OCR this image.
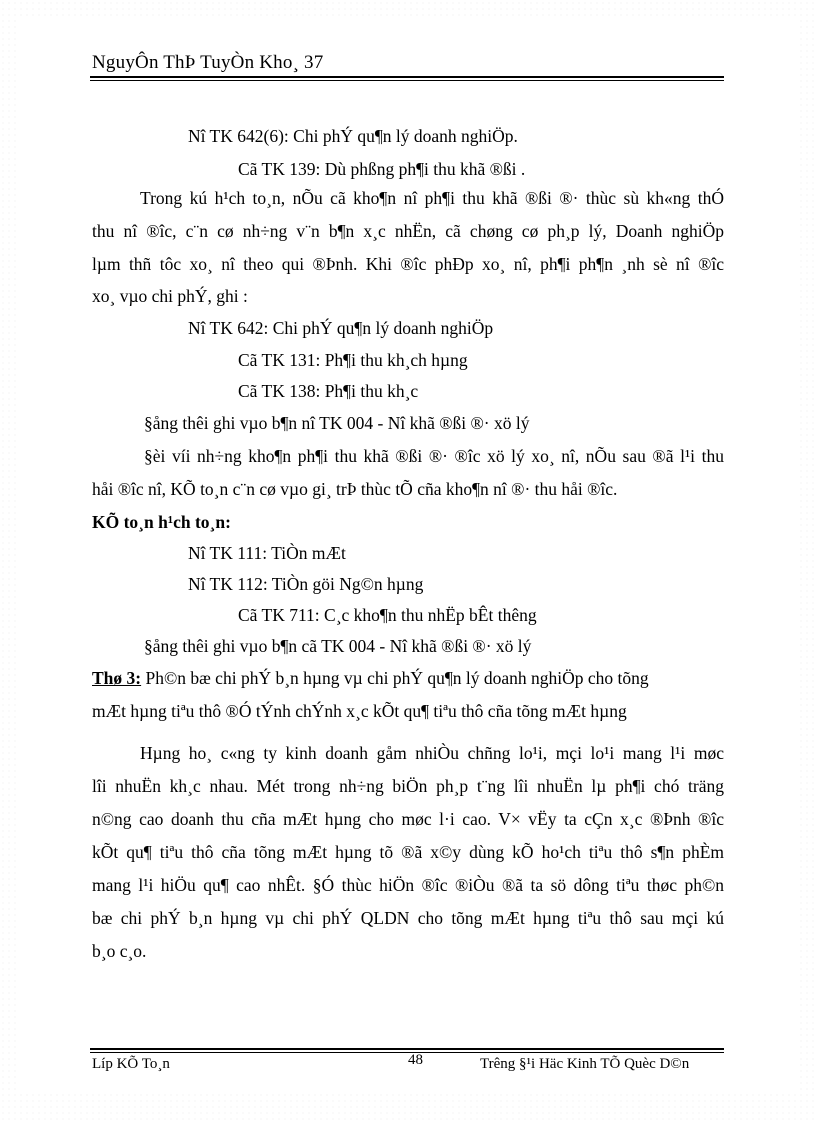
NguyÔn ThÞ TuyÒn Kho¸ 37
Nî TK 642(6): Chi phÝ qu¶n lý doanh nghiÖp.
Cã TK 139: Dù phßng ph¶i thu khã ®ßi .
Trong kú h¹ch to¸n, nÕu cã kho¶n nî ph¶i thu khã ®ßi ®· thùc sù kh«ng thÓ
thu nî ®îc, c¨n cø nh÷ng v¨n b¶n x¸c nhËn, cã chøng cø ph¸p lý, Doanh nghiÖp
lµm thñ tôc xo¸ nî theo qui ®Þnh. Khi ®îc phÐp xo¸ nî, ph¶i ph¶n ¸nh sè nî ®îc
xo¸ vµo chi phÝ, ghi :
Nî TK 642: Chi phÝ qu¶n lý doanh nghiÖp
Cã TK 131: Ph¶i thu kh¸ch hµng
Cã TK 138: Ph¶i thu kh¸c
§ång thêi ghi vµo b¶n nî TK 004 - Nî khã ®ßi ®· xö lý
§èi víi nh÷ng kho¶n ph¶i thu khã ®ßi ®· ®îc xö lý xo¸ nî, nÕu sau ®ã l¹i thu
håi ®îc nî, KÕ to¸n c¨n cø vµo gi¸ trÞ thùc tÕ cña kho¶n nî ®· thu håi ®îc.
KÕ to¸n h¹ch to¸n:
Nî TK 111: TiÒn mÆt
Nî TK 112: TiÒn göi Ng©n hµng
Cã TK 711: C¸c kho¶n thu nhËp bÊt thêng
§ång thêi ghi vµo b¶n cã TK 004 - Nî khã ®ßi ®· xö lý
Thø 3: Ph©n bæ chi phÝ b¸n hµng vµ chi phÝ qu¶n lý doanh nghiÖp cho tõng
mÆt hµng tiªu thô ®Ó tÝnh chÝnh x¸c kÕt qu¶ tiªu thô cña tõng mÆt hµng
Hµng ho¸ c«ng ty kinh doanh gåm nhiÒu chñng lo¹i, mçi lo¹i mang l¹i møc
lîi nhuËn kh¸c nhau. Mét trong nh÷ng biÖn ph¸p t¨ng lîi nhuËn lµ ph¶i chó träng
n©ng cao doanh thu cña mÆt hµng cho møc l·i cao. V× vËy ta cÇn x¸c ®Þnh ®îc
kÕt qu¶ tiªu thô cña tõng mÆt hµng tõ ®ã x©y dùng kÕ ho¹ch tiªu thô s¶n phÈm
mang l¹i hiÖu qu¶ cao nhÊt. §Ó thùc hiÖn ®îc ®iÒu ®ã ta sö dông tiªu thøc ph©n
bæ chi phÝ b¸n hµng vµ chi phÝ QLDN cho tõng mÆt hµng tiªu thô sau mçi kú
b¸o c¸o.
Líp KÕ To¸n	48	Trêng §¹i Häc Kinh TÕ Quèc D©n
